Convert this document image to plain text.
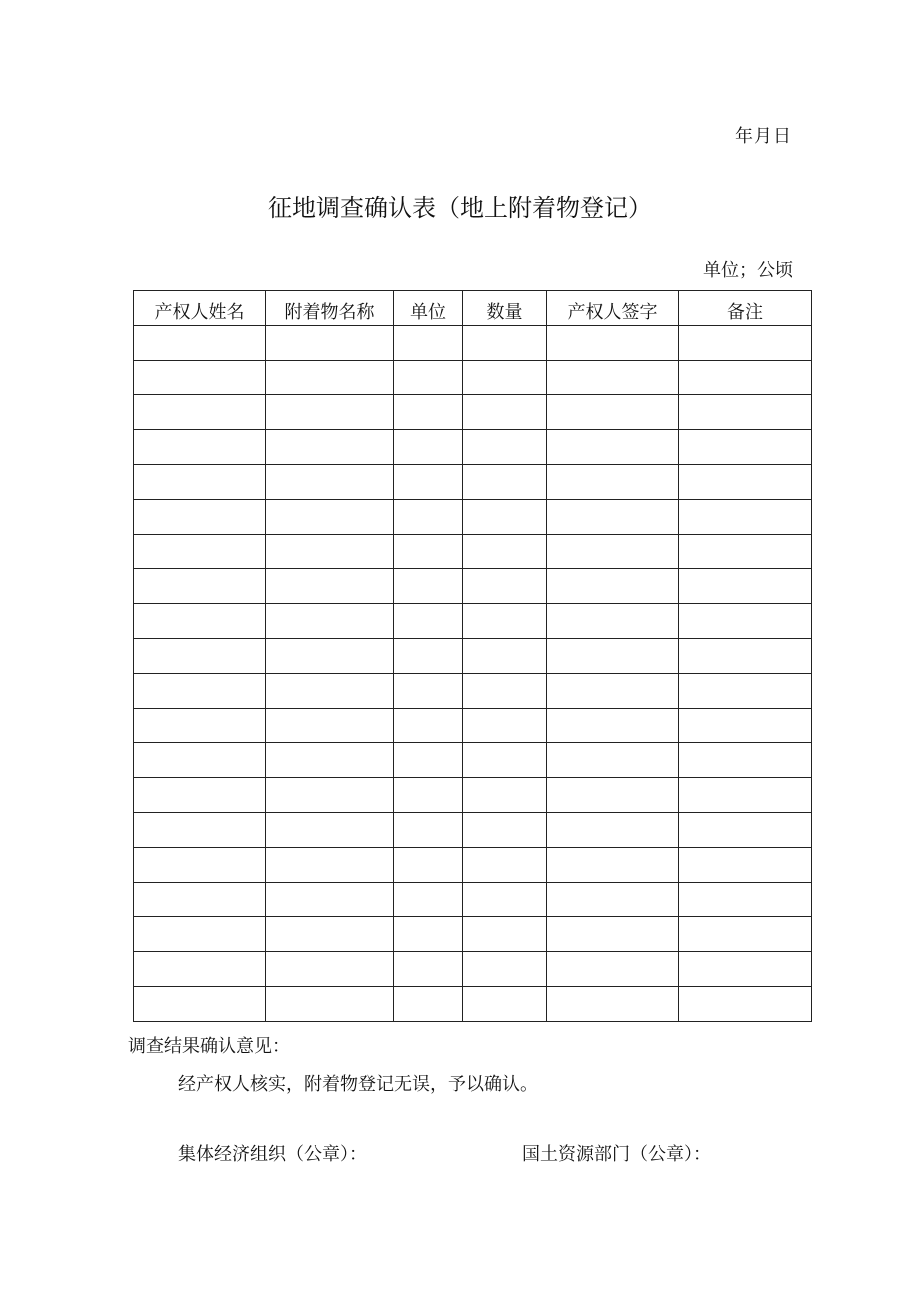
年月日
征地调查确认表（地上附着物登记）
单位；公顷
产权人姓名	附着物名称	单位	数量	产权人签字	备注

调查结果确认意见：
经产权人核实，附着物登记无误，予以确认。
集体经济组织（公章）：	国土资源部门（公章）：
